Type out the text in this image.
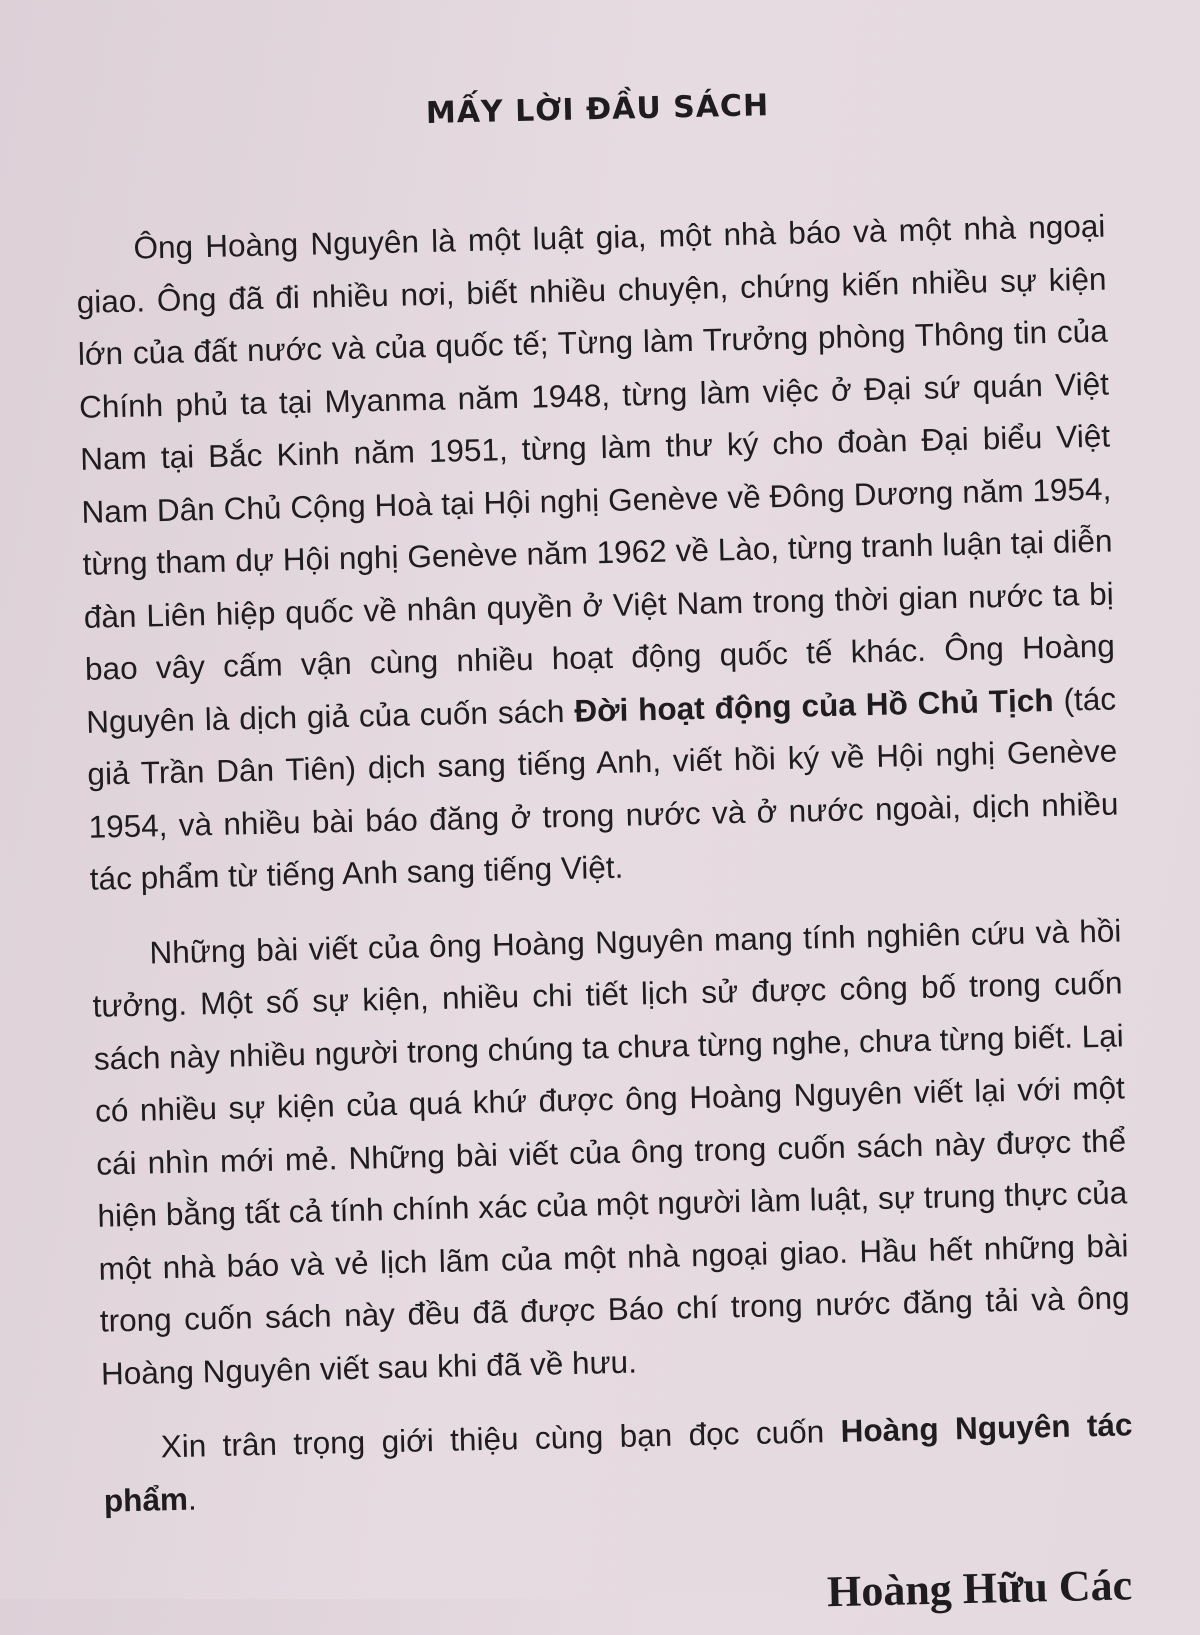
MẤY LỜI ĐẦU SÁCH

Ông Hoàng Nguyên là một luật gia, một nhà báo và một nhà ngoại giao. Ông đã đi nhiều nơi, biết nhiều chuyện, chứng kiến nhiều sự kiện lớn của đất nước và của quốc tế; Từng làm Trưởng phòng Thông tin của Chính phủ ta tại Myanma năm 1948, từng làm việc ở Đại sứ quán Việt Nam tại Bắc Kinh năm 1951, từng làm thư ký cho đoàn Đại biểu Việt Nam Dân Chủ Cộng Hoà tại Hội nghị Genève về Đông Dương năm 1954, từng tham dự Hội nghị Genève năm 1962 về Lào, từng tranh luận tại diễn đàn Liên hiệp quốc về nhân quyền ở Việt Nam trong thời gian nước ta bị bao vây cấm vận cùng nhiều hoạt động quốc tế khác. Ông Hoàng Nguyên là dịch giả của cuốn sách Đời hoạt động của Hồ Chủ Tịch (tác giả Trần Dân Tiên) dịch sang tiếng Anh, viết hồi ký về Hội nghị Genève 1954, và nhiều bài báo đăng ở trong nước và ở nước ngoài, dịch nhiều tác phẩm từ tiếng Anh sang tiếng Việt.

Những bài viết của ông Hoàng Nguyên mang tính nghiên cứu và hồi tưởng. Một số sự kiện, nhiều chi tiết lịch sử được công bố trong cuốn sách này nhiều người trong chúng ta chưa từng nghe, chưa từng biết. Lại có nhiều sự kiện của quá khứ được ông Hoàng Nguyên viết lại với một cái nhìn mới mẻ. Những bài viết của ông trong cuốn sách này được thể hiện bằng tất cả tính chính xác của một người làm luật, sự trung thực của một nhà báo và vẻ lịch lãm của một nhà ngoại giao. Hầu hết những bài trong cuốn sách này đều đã được Báo chí trong nước đăng tải và ông Hoàng Nguyên viết sau khi đã về hưu.

Xin trân trọng giới thiệu cùng bạn đọc cuốn Hoàng Nguyên tác phẩm.

Hoàng Hữu Các
